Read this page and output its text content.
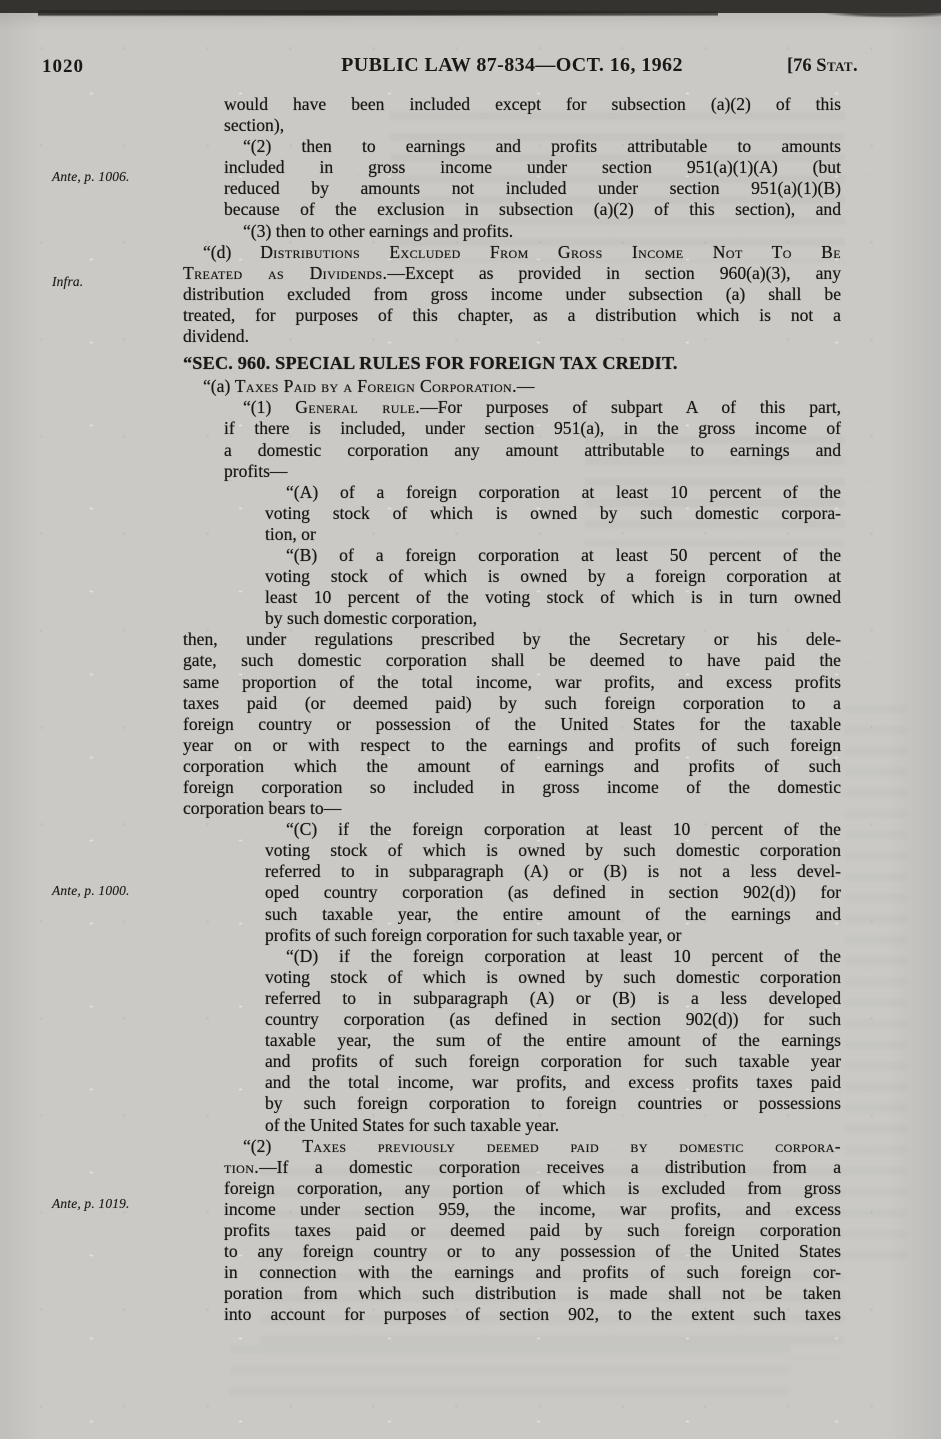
1020	PUBLIC LAW 87-834—OCT. 16, 1962	[76 Stat.
Ante, p. 1006.
Infra.
Ante, p. 1000.
Ante, p. 1019.
would have been included except for subsection (a)(2) of this
section),
“(2) then to earnings and profits attributable to amounts
included in gross income under section 951(a)(1)(A) (but
reduced by amounts not included under section 951(a)(1)(B)
because of the exclusion in subsection (a)(2) of this section), and
“(3) then to other earnings and profits.
“(d) Distributions Excluded From Gross Income Not To Be
Treated as Dividends.—Except as provided in section 960(a)(3), any
distribution excluded from gross income under subsection (a) shall be
treated, for purposes of this chapter, as a distribution which is not a
dividend.
“SEC. 960. SPECIAL RULES FOR FOREIGN TAX CREDIT.
“(a) Taxes Paid by a Foreign Corporation.—
“(1) General rule.—For purposes of subpart A of this part,
if there is included, under section 951(a), in the gross income of
a domestic corporation any amount attributable to earnings and
profits—
“(A) of a foreign corporation at least 10 percent of the
voting stock of which is owned by such domestic corpora-
tion, or
“(B) of a foreign corporation at least 50 percent of the
voting stock of which is owned by a foreign corporation at
least 10 percent of the voting stock of which is in turn owned
by such domestic corporation,
then, under regulations prescribed by the Secretary or his dele-
gate, such domestic corporation shall be deemed to have paid the
same proportion of the total income, war profits, and excess profits
taxes paid (or deemed paid) by such foreign corporation to a
foreign country or possession of the United States for the taxable
year on or with respect to the earnings and profits of such foreign
corporation which the amount of earnings and profits of such
foreign corporation so included in gross income of the domestic
corporation bears to—
“(C) if the foreign corporation at least 10 percent of the
voting stock of which is owned by such domestic corporation
referred to in subparagraph (A) or (B) is not a less devel-
oped country corporation (as defined in section 902(d)) for
such taxable year, the entire amount of the earnings and
profits of such foreign corporation for such taxable year, or
“(D) if the foreign corporation at least 10 percent of the
voting stock of which is owned by such domestic corporation
referred to in subparagraph (A) or (B) is a less developed
country corporation (as defined in section 902(d)) for such
taxable year, the sum of the entire amount of the earnings
and profits of such foreign corporation for such taxable year
and the total income, war profits, and excess profits taxes paid
by such foreign corporation to foreign countries or possessions
of the United States for such taxable year.
“(2) Taxes previously deemed paid by domestic corpora-
tion.—If a domestic corporation receives a distribution from a
foreign corporation, any portion of which is excluded from gross
income under section 959, the income, war profits, and excess
profits taxes paid or deemed paid by such foreign corporation
to any foreign country or to any possession of the United States
in connection with the earnings and profits of such foreign cor-
poration from which such distribution is made shall not be taken
into account for purposes of section 902, to the extent such taxes
